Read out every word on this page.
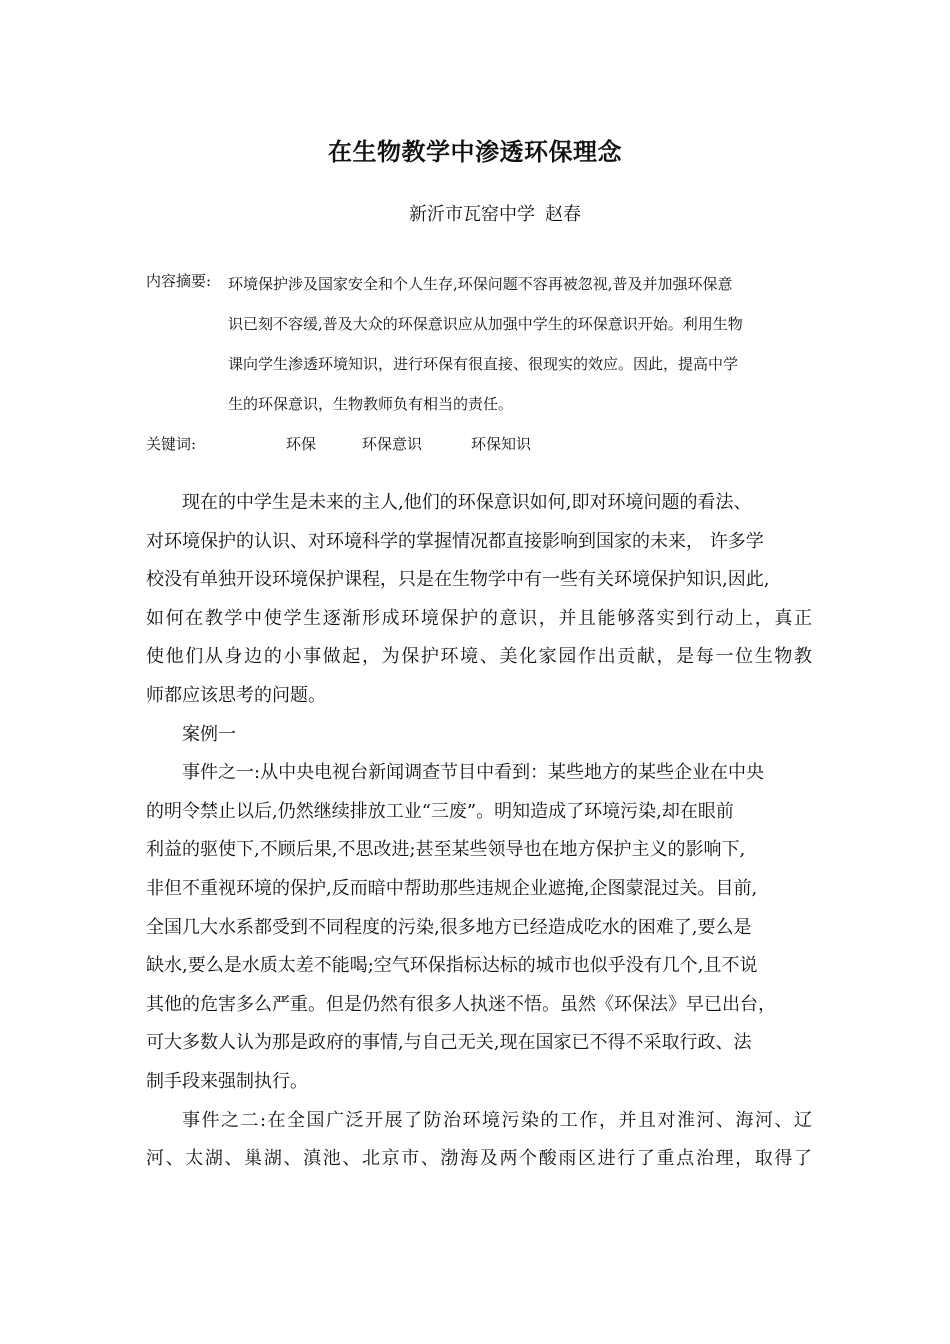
在生物教学中渗透环保理念
新沂市瓦窑中学 赵春
内容摘要: 环境保护涉及国家安全和个人生存,环保问题不容再被忽视,普及并加强环保意
识已刻不容缓,普及大众的环保意识应从加强中学生的环保意识开始。利用生物
课向学生渗透环境知识，进行环保有很直接、很现实的效应。因此，提高中学
生的环保意识，生物教师负有相当的责任。
关键词:	环保	环保意识	环保知识
现在的中学生是未来的主人,他们的环保意识如何,即对环境问题的看法、
对环境保护的认识、对环境科学的掌握情况都直接影响到国家的未来， 许多学
校没有单独开设环境保护课程，只是在生物学中有一些有关环境保护知识,因此,
如何在教学中使学生逐渐形成环境保护的意识，并且能够落实到行动上，真正
使他们从身边的小事做起，为保护环境、美化家园作出贡献，是每一位生物教
师都应该思考的问题。
案例一
事件之一:从中央电视台新闻调查节目中看到：某些地方的某些企业在中央
的明令禁止以后,仍然继续排放工业“三废”。明知造成了环境污染,却在眼前
利益的驱使下,不顾后果,不思改进;甚至某些领导也在地方保护主义的影响下,
非但不重视环境的保护,反而暗中帮助那些违规企业遮掩,企图蒙混过关。目前,
全国几大水系都受到不同程度的污染,很多地方已经造成吃水的困难了,要么是
缺水,要么是水质太差不能喝;空气环保指标达标的城市也似乎没有几个,且不说
其他的危害多么严重。但是仍然有很多人执迷不悟。虽然《环保法》早已出台，
可大多数人认为那是政府的事情,与自己无关,现在国家已不得不采取行政、法
制手段来强制执行。
事件之二:在全国广泛开展了防治环境污染的工作，并且对淮河、海河、辽
河、太湖、巢湖、滇池、北京市、渤海及两个酸雨区进行了重点治理，取得了
